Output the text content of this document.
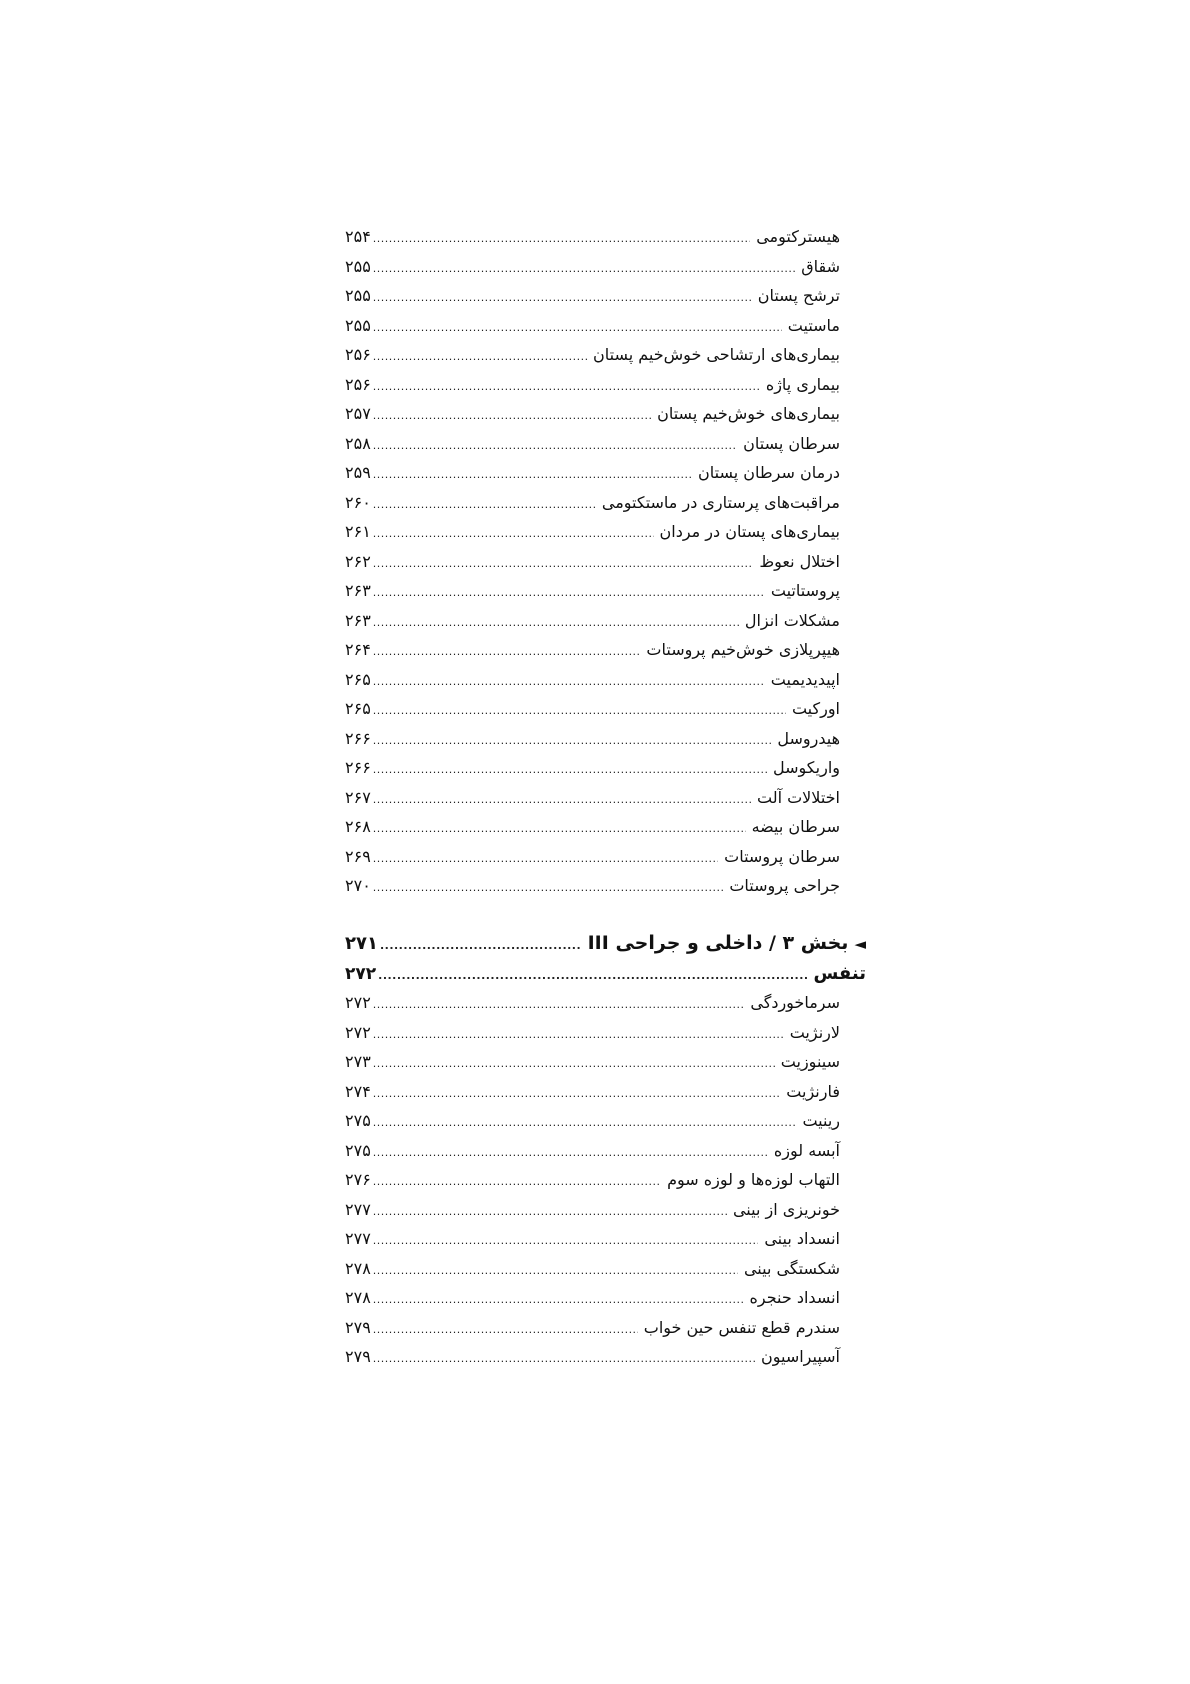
هیسترکتومی
.....
۲۵۴
شقاق
.....
۲۵۵
ترشح پستان
.....
۲۵۵
ماستیت
.....
۲۵۵
بیماری‌های ارتشاحی خوش‌خیم پستان
.....
۲۵۶
بیماری پاژه
.....
۲۵۶
بیماری‌های خوش‌خیم پستان
.....
۲۵۷
سرطان پستان
.....
۲۵۸
درمان سرطان پستان
.....
۲۵۹
مراقبت‌های پرستاری در ماستکتومی
.....
۲۶۰
بیماری‌های پستان در مردان
.....
۲۶۱
اختلال نعوظ
.....
۲۶۲
پروستاتیت
.....
۲۶۳
مشکلات انزال
.....
۲۶۳
هیپرپلازی خوش‌خیم پروستات
.....
۲۶۴
اپیدیدیمیت
.....
۲۶۵
اورکیت
.....
۲۶۵
هیدروسل
.....
۲۶۶
واریکوسل
.....
۲۶۶
اختلالات آلت
.....
۲۶۷
سرطان بیضه
.....
۲۶۸
سرطان پروستات
.....
۲۶۹
جراحی پروستات
.....
۲۷۰
◄بخش ۳ / داخلی و جراحی III
.....
۲۷۱
تنفس
.....
۲۷۲
سرماخوردگی
.....
۲۷۲
لارنژیت
.....
۲۷۲
سینوزیت
.....
۲۷۳
فارنژیت
.....
۲۷۴
رینیت
.....
۲۷۵
آبسه لوزه
.....
۲۷۵
التهاب لوزه‌ها و لوزه سوم
.....
۲۷۶
خونریزی از بینی
.....
۲۷۷
انسداد بینی
.....
۲۷۷
شکستگی بینی
.....
۲۷۸
انسداد حنجره
.....
۲۷۸
سندرم قطع تنفس حین خواب
.....
۲۷۹
آسپیراسیون
.....
۲۷۹
